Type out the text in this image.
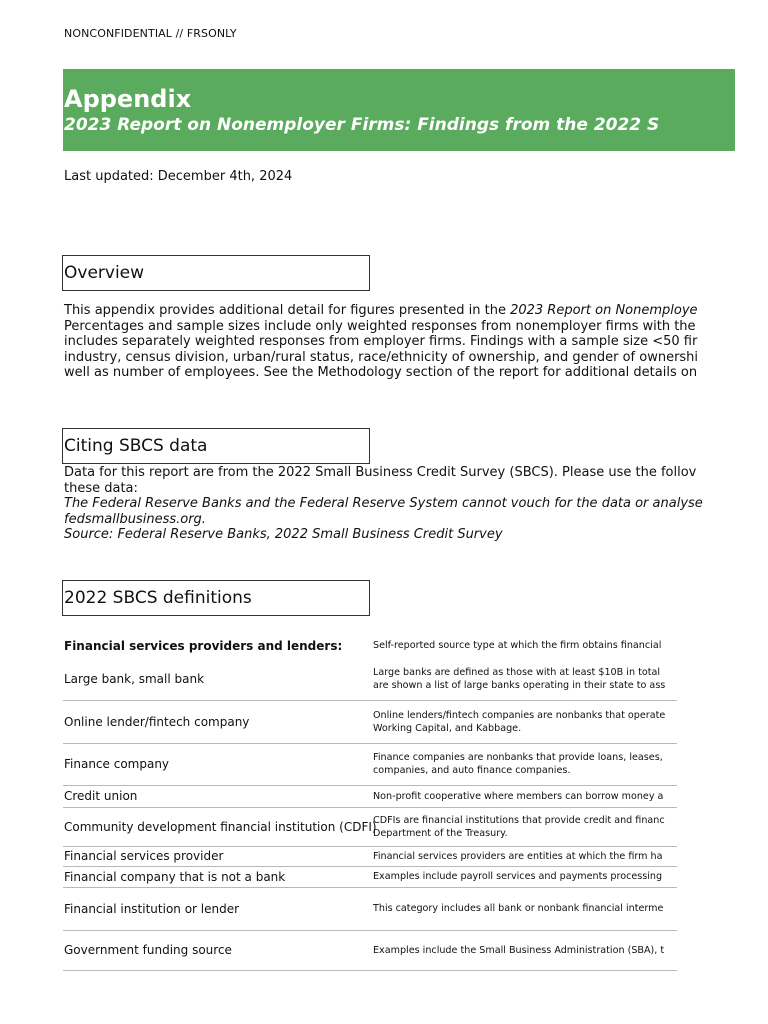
NONCONFIDENTIAL // FRSONLY
Appendix
2023 Report on Nonemployer Firms: Findings from the 2022 S
Last updated: December 4th, 2024
Overview
This appendix provides additional detail for figures presented in the 2023 Report on Nonemploye
Percentages and sample sizes include only weighted responses from nonemployer firms with the
includes separately weighted responses from employer firms. Findings with a sample size <50 fir
industry, census division, urban/rural status, race/ethnicity of ownership, and gender of ownershi
well as number of employees. See the Methodology section of the report for additional details on
Citing SBCS data
Data for this report are from the 2022 Small Business Credit Survey (SBCS). Please use the follov
these data:
The Federal Reserve Banks and the Federal Reserve System cannot vouch for the data or analyse
fedsmallbusiness.org.
Source: Federal Reserve Banks, 2022 Small Business Credit Survey
2022 SBCS definitions
Financial services providers and lenders:	Self-reported source type at which the firm obtains financial

Large bank, small bank	Large banks are defined as those with at least $10B in total
are shown a list of large banks operating in their state to ass

Online lender/fintech company	Online lenders/fintech companies are nonbanks that operate
Working Capital, and Kabbage.

Finance company	Finance companies are nonbanks that provide loans, leases,
companies, and auto finance companies.

Credit union	Non-profit cooperative where members can borrow money a

Community development financial institution (CDFI)	CDFIs are financial institutions that provide credit and financ
Department of the Treasury.

Financial services provider	Financial services providers are entities at which the firm ha

Financial company that is not a bank	Examples include payroll services and payments processing

Financial institution or lender	This category includes all bank or nonbank financial interme

Government funding source	Examples include the Small Business Administration (SBA), t
